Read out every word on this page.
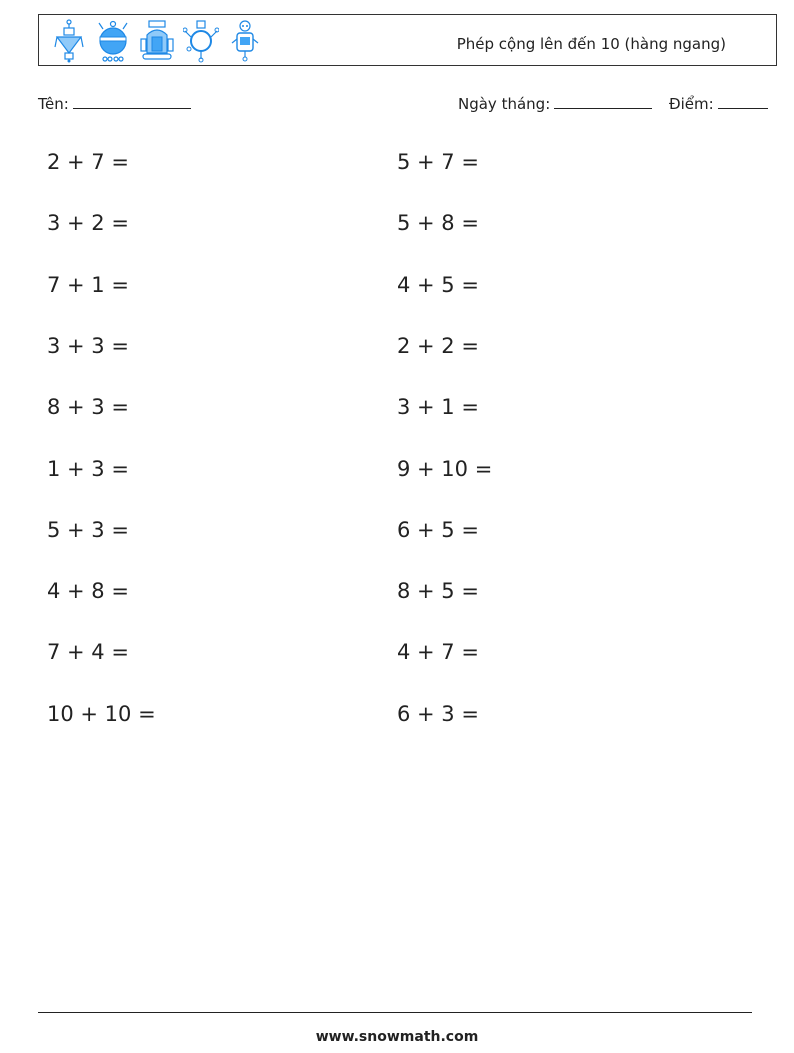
Phép cộng lên đến 10 (hàng ngang)
Tên:	Ngày tháng:	Điểm:
2 + 7 =
3 + 2 =
7 + 1 =
3 + 3 =
8 + 3 =
1 + 3 =
5 + 3 =
4 + 8 =
7 + 4 =
10 + 10 =
5 + 7 =
5 + 8 =
4 + 5 =
2 + 2 =
3 + 1 =
9 + 10 =
6 + 5 =
8 + 5 =
4 + 7 =
6 + 3 =
www.snowmath.com
